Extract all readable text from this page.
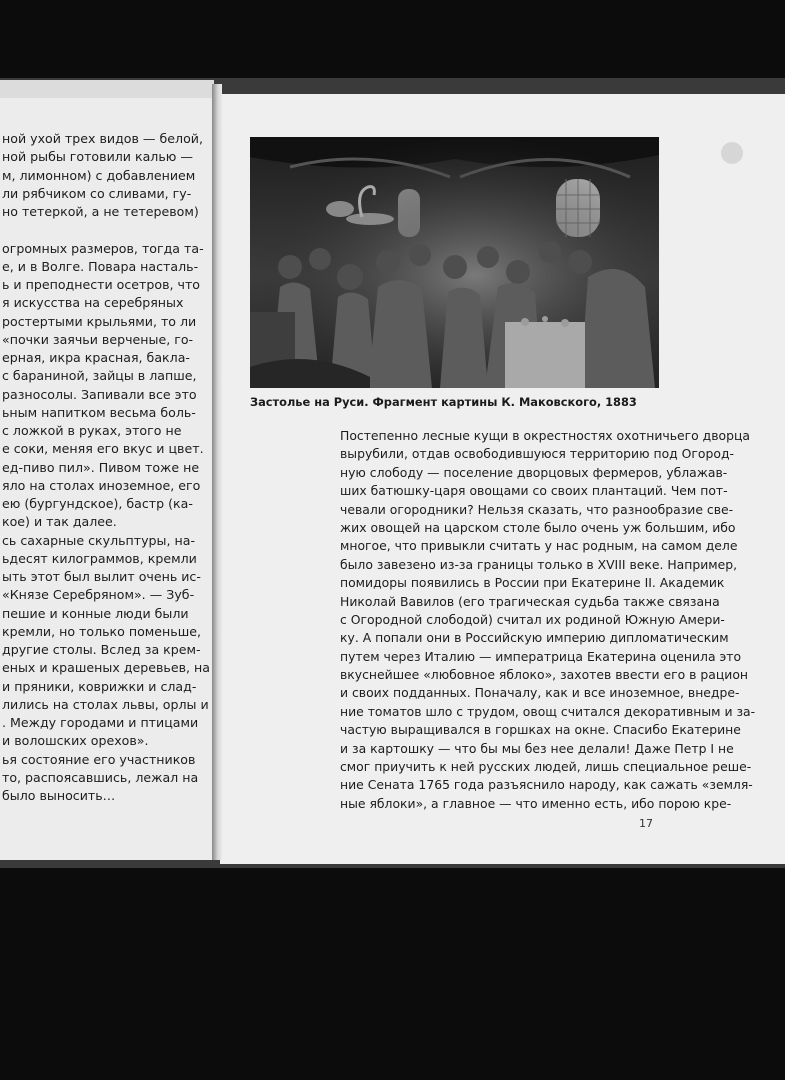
ной ухой трех видов — белой,
ной рыбы готовили калью —
м, лимонном) с добавлением
ли рябчиком со сливами, гу-
но тетеркой, а не тетеревом)
огромных размеров, тогда та-
е, и в Волге. Повара насталь-
ь и преподнести осетров, что
я искусства на серебряных
ростертыми крыльями, то ли
«почки заячьи верченые, го-
ерная, икра красная, бакла-
с бараниной, зайцы в лапше,
разносолы. Запивали все это
ьным напитком весьма боль-
с ложкой в руках, этого не
е соки, меняя его вкус и цвет.
ед-пиво пил». Пивом тоже не
яло на столах иноземное, его
ею (бургундское), бастр (ка-
кое) и так далее.
сь сахарные скульптуры, на-
ьдесят килограммов, кремли
ыть этот был вылит очень ис-
«Князе Серебряном». — Зуб-
пешие и конные люди были
кремли, но только поменьше,
другие столы. Вслед за крем-
еных и крашеных деревьев, на
и пряники, коврижки и слад-
лились на столах львы, орлы и
. Между городами и птицами
и волошских орехов».
ья состояние его участников
то, распоясавшись, лежал на
было выносить…
Застолье на Руси. Фрагмент картины К. Маковского, 1883
Постепенно лесные кущи в окрестностях охотничьего дворца
вырубили, отдав освободившуюся территорию под Огород-
ную слободу — поселение дворцовых фермеров, ублажав-
ших батюшку-царя овощами со своих плантаций. Чем пот-
чевали огородники? Нельзя сказать, что разнообразие све-
жих овощей на царском столе было очень уж большим, ибо
многое, что привыкли считать у нас родным, на самом деле
было завезено из-за границы только в XVIII веке. Например,
помидоры появились в России при Екатерине II. Академик
Николай Вавилов (его трагическая судьба также связана
с Огородной слободой) считал их родиной Южную Амери-
ку. А попали они в Российскую империю дипломатическим
путем через Италию — императрица Екатерина оценила это
вкуснейшее «любовное яблоко», захотев ввести его в рацион
и своих подданных. Поначалу, как и все иноземное, внедре-
ние томатов шло с трудом, овощ считался декоративным и за-
частую выращивался в горшках на окне. Спасибо Екатерине
и за картошку — что бы мы без нее делали! Даже Петр I не
смог приучить к ней русских людей, лишь специальное реше-
ние Сената 1765 года разъяснило народу, как сажать «земля-
ные яблоки», а главное — что именно есть, ибо порою кре-
17
